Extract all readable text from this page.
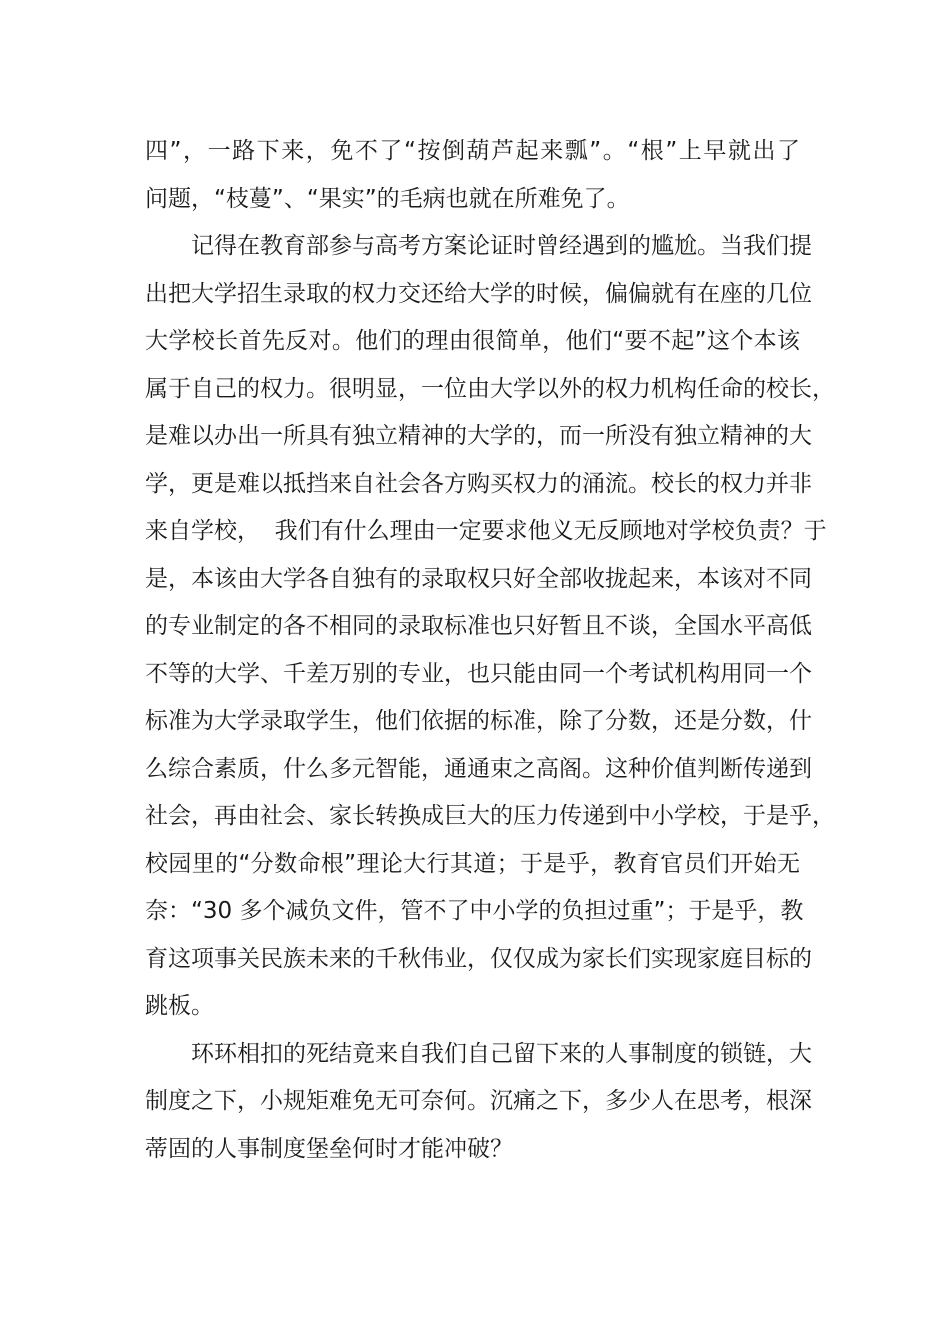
四”，一路下来，免不了“按倒葫芦起来瓢”。“根”上早就出了
问题，“枝蔓”、“果实”的毛病也就在所难免了。
记得在教育部参与高考方案论证时曾经遇到的尴尬。当我们提
出把大学招生录取的权力交还给大学的时候，偏偏就有在座的几位
大学校长首先反对。他们的理由很简单，他们“要不起”这个本该
属于自己的权力。很明显，一位由大学以外的权力机构任命的校长，
是难以办出一所具有独立精神的大学的，而一所没有独立精神的大
学，更是难以抵挡来自社会各方购买权力的涌流。校长的权力并非
来自学校，  我们有什么理由一定要求他义无反顾地对学校负责？于
是，本该由大学各自独有的录取权只好全部收拢起来，本该对不同
的专业制定的各不相同的录取标准也只好暂且不谈，全国水平高低
不等的大学、千差万别的专业，也只能由同一个考试机构用同一个
标准为大学录取学生，他们依据的标准，除了分数，还是分数，什
么综合素质，什么多元智能，通通束之高阁。这种价值判断传递到
社会，再由社会、家长转换成巨大的压力传递到中小学校，于是乎，
校园里的“分数命根”理论大行其道；于是乎，教育官员们开始无
奈：“30 多个减负文件，管不了中小学的负担过重”；于是乎，教
育这项事关民族未来的千秋伟业，仅仅成为家长们实现家庭目标的
跳板。
环环相扣的死结竟来自我们自己留下来的人事制度的锁链，大
制度之下，小规矩难免无可奈何。沉痛之下，多少人在思考，根深
蒂固的人事制度堡垒何时才能冲破？
